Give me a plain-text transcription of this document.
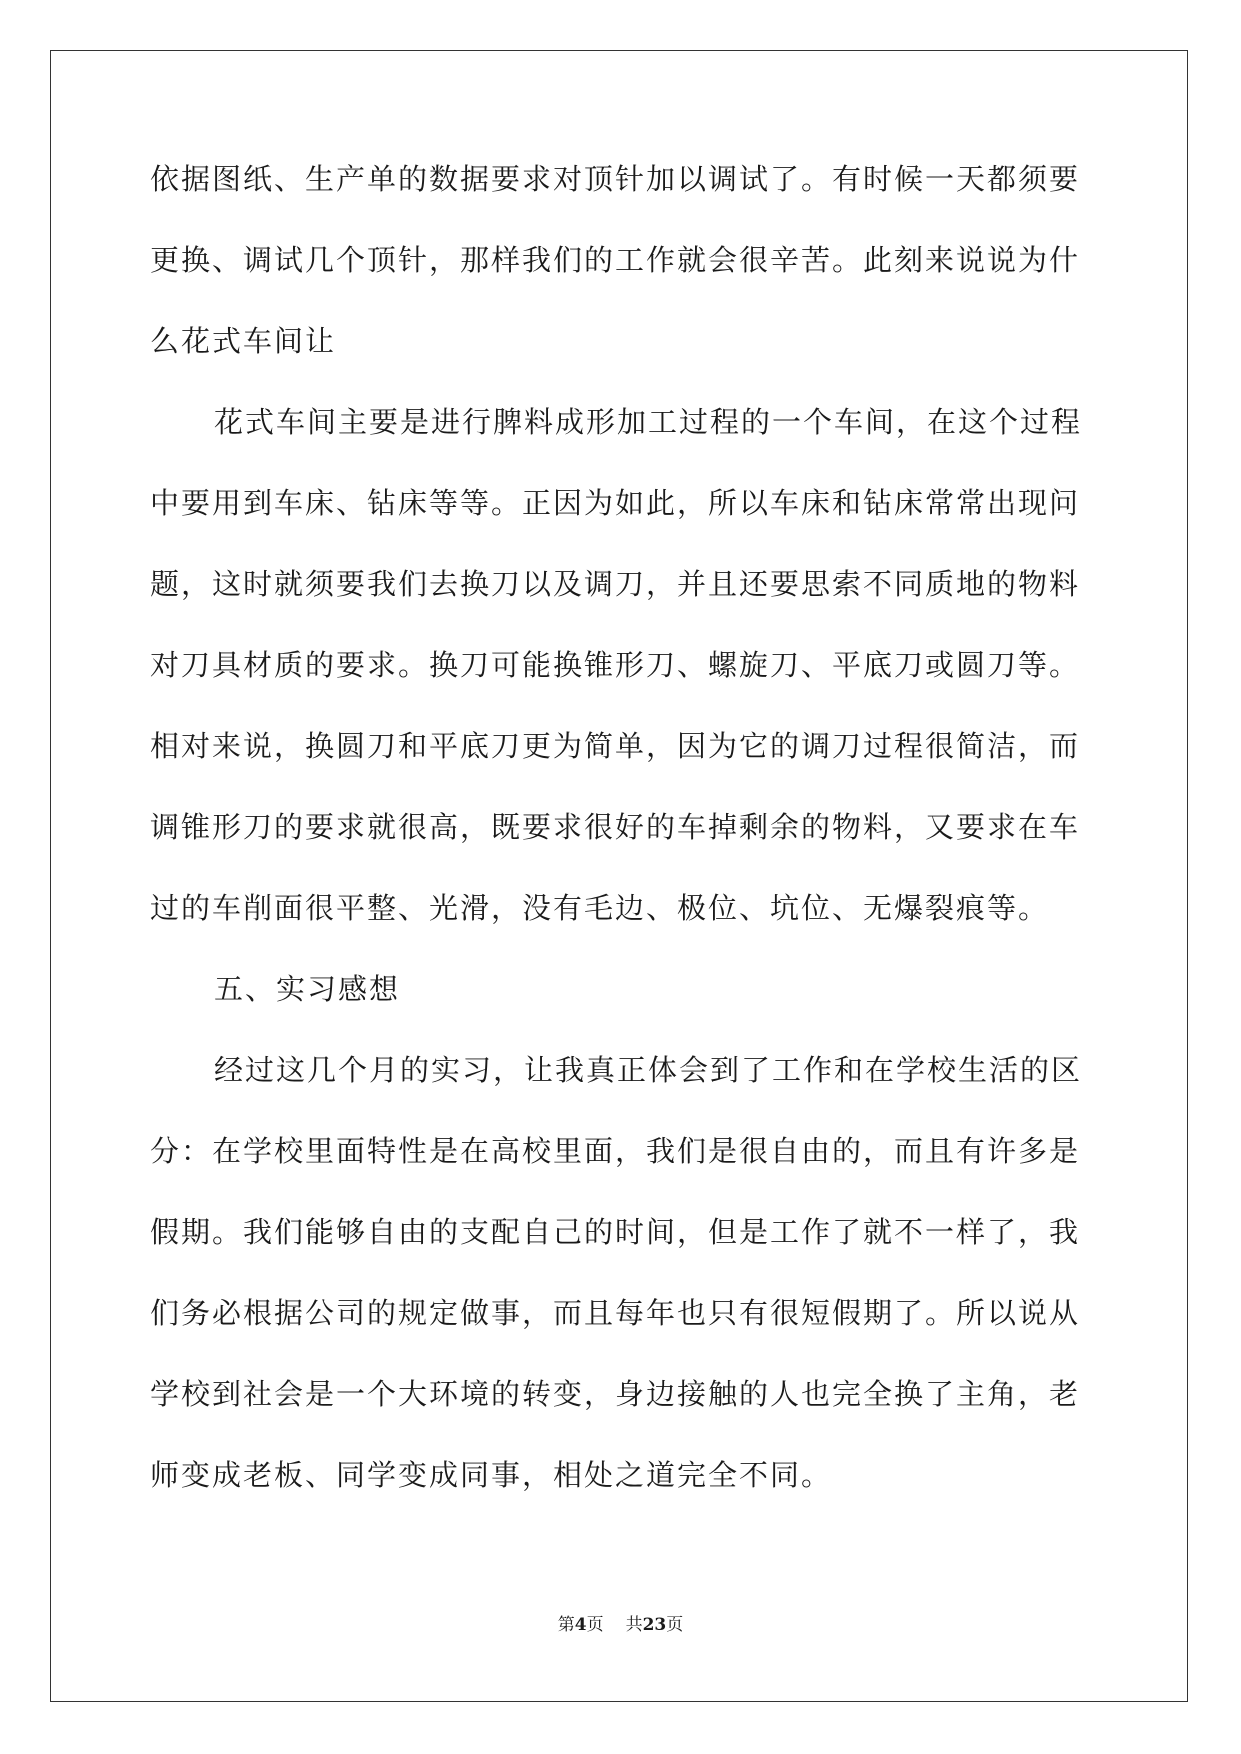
依据图纸、生产单的数据要求对顶针加以调试了。有时候一天都须要
更换、调试几个顶针，那样我们的工作就会很辛苦。此刻来说说为什
么花式车间让
花式车间主要是进行脾料成形加工过程的一个车间，在这个过程
中要用到车床、钻床等等。正因为如此，所以车床和钻床常常出现问
题，这时就须要我们去换刀以及调刀，并且还要思索不同质地的物料
对刀具材质的要求。换刀可能换锥形刀、螺旋刀、平底刀或圆刀等。
相对来说，换圆刀和平底刀更为简单，因为它的调刀过程很简洁，而
调锥形刀的要求就很高，既要求很好的车掉剩余的物料，又要求在车
过的车削面很平整、光滑，没有毛边、极位、坑位、无爆裂痕等。
五、实习感想
经过这几个月的实习，让我真正体会到了工作和在学校生活的区
分：在学校里面特性是在高校里面，我们是很自由的，而且有许多是
假期。我们能够自由的支配自己的时间，但是工作了就不一样了，我
们务必根据公司的规定做事，而且每年也只有很短假期了。所以说从
学校到社会是一个大环境的转变，身边接触的人也完全换了主角，老
师变成老板、同学变成同事，相处之道完全不同。
第4页 共23页
